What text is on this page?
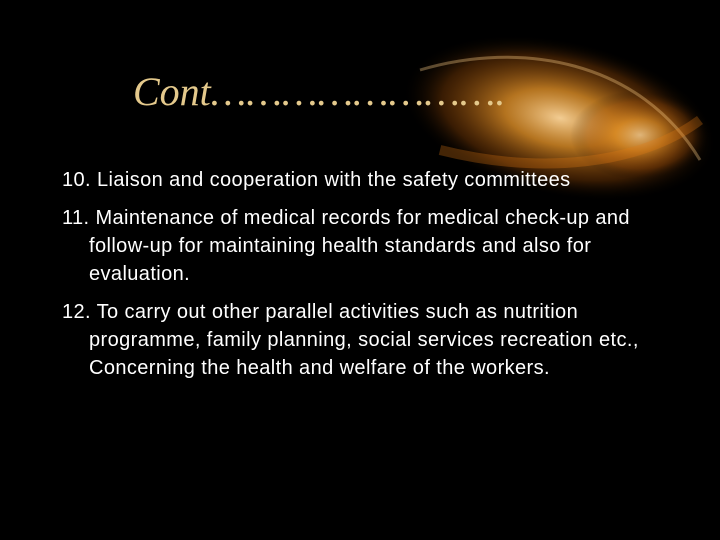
Cont…………………….
10. Liaison and cooperation with the safety committees
11. Maintenance of medical records for medical check-up and follow-up for maintaining health standards and also for evaluation.
12. To carry out other parallel activities such as nutrition programme, family planning, social services recreation etc., Concerning the health and welfare of the workers.
